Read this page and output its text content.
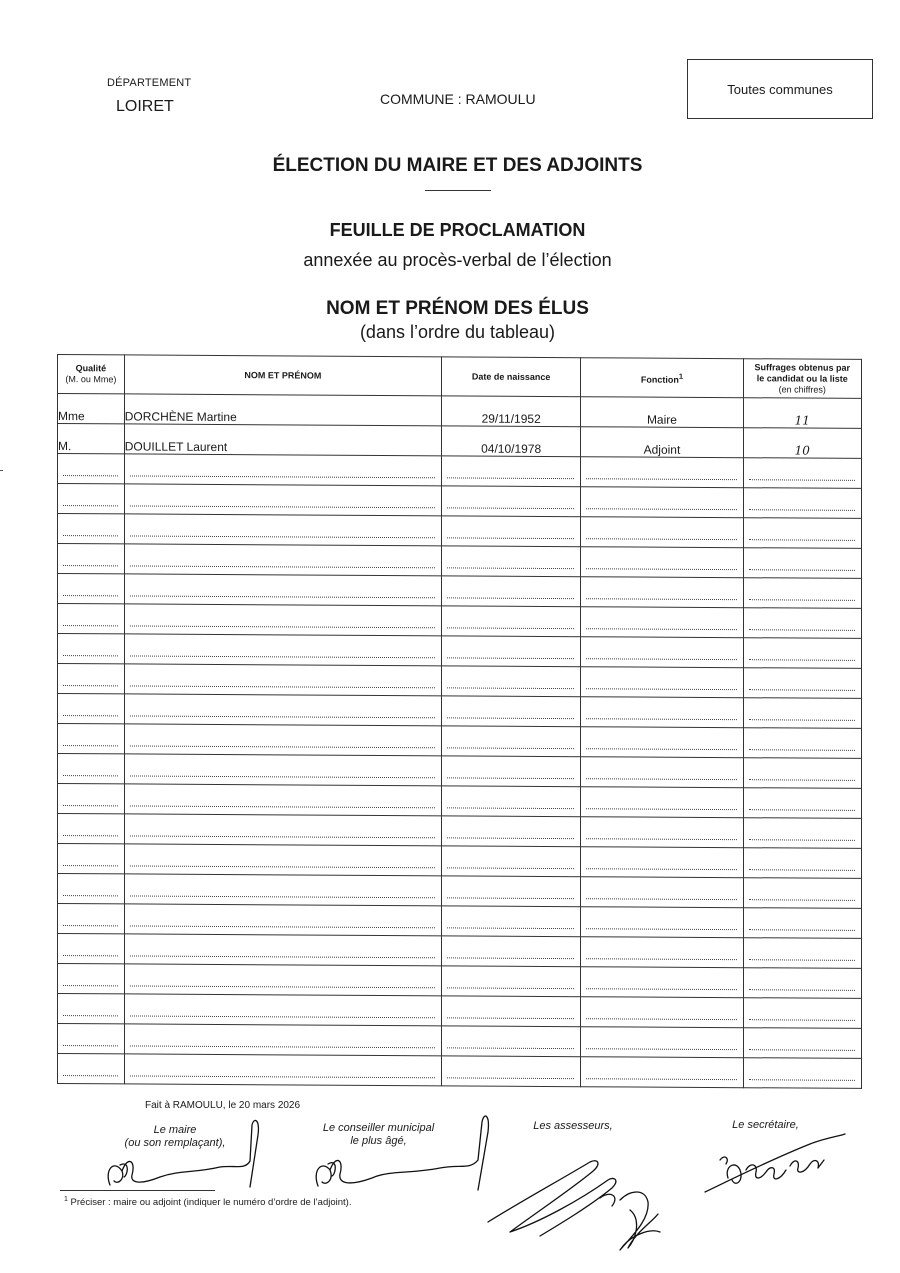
DÉPARTEMENT
LOIRET	COMMUNE : RAMOULU
Toutes communes
ÉLECTION DU MAIRE ET DES ADJOINTS
FEUILLE DE PROCLAMATION
annexée au procès-verbal de l’élection
NOM ET PRÉNOM DES ÉLUS
(dans l’ordre du tableau)
Qualité
(M. ou Mme)	NOM ET PRÉNOM	Date de naissance	Fonction$^1$	Suffrages obtenus par
le candidat ou la liste
(en chiffres)
Mme	DORCHÈNE Martine	29/11/1952	Maire	11
M.	DOUILLET Laurent	04/10/1978	Adjoint	10

Fait à RAMOULU, le 20 mars 2026
Le maire
(ou son remplaçant),
Le conseiller municipal
le plus âgé,
Les assesseurs,	Le secrétaire,
$^1$ Préciser : maire ou adjoint (indiquer le numéro d’ordre de l’adjoint).
